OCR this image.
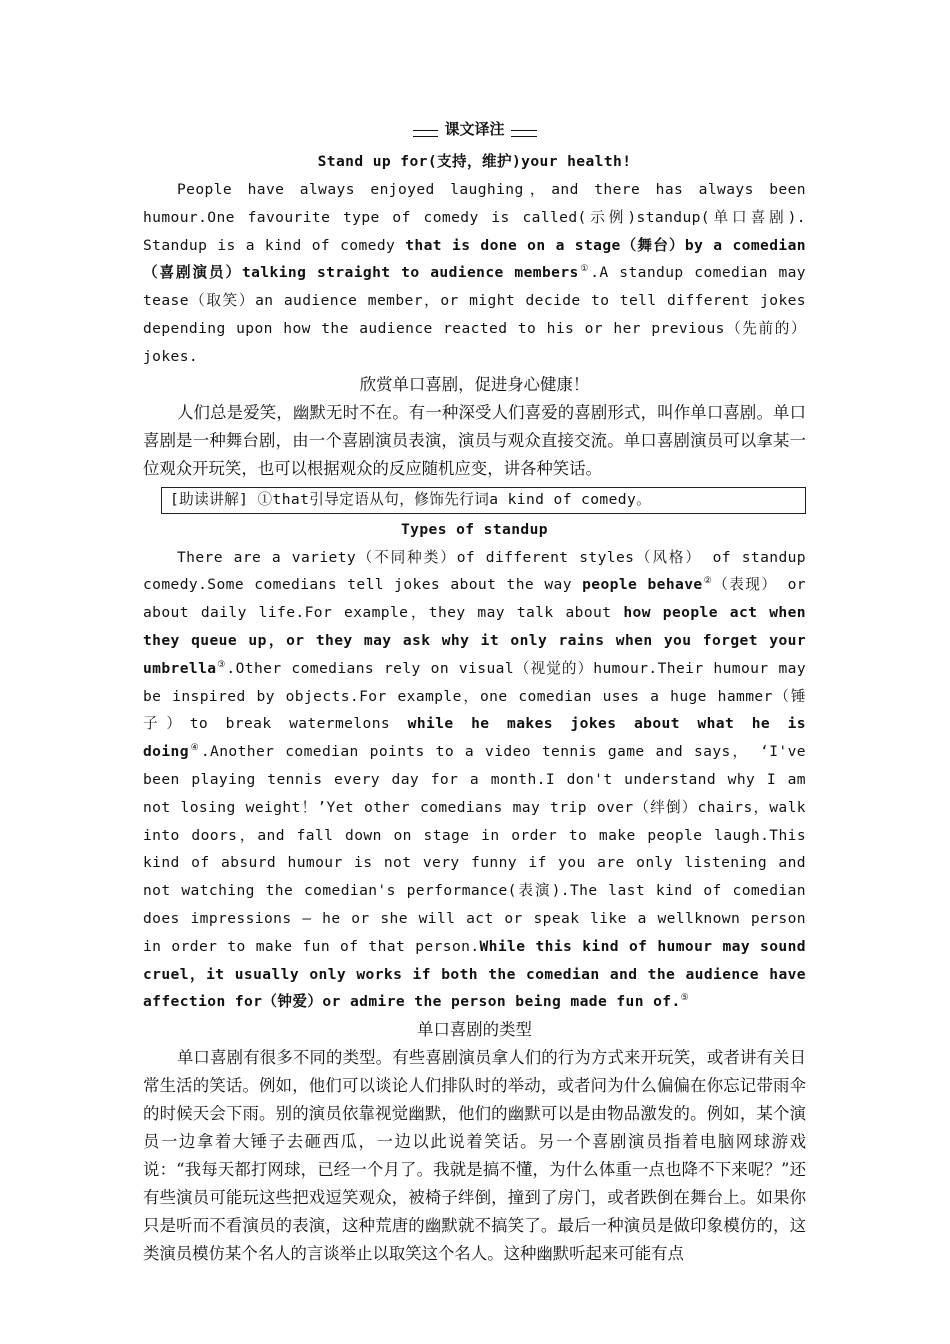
课文译注
Stand up for(支持，维护)your health!

People have always enjoyed laughing，and there has always been humour.One favourite type of comedy is called(示例)standup(单口喜剧). Standup is a kind of comedy that is done on a stage（舞台）by a comedian（喜剧演员）talking straight to audience members①.A standup comedian may tease（取笑）an audience member，or might decide to tell different jokes depending upon how the audience reacted to his or her previous（先前的）jokes.

欣赏单口喜剧，促进身心健康！

人们总是爱笑，幽默无时不在。有一种深受人们喜爱的喜剧形式，叫作单口喜剧。单口喜剧是一种舞台剧，由一个喜剧演员表演，演员与观众直接交流。单口喜剧演员可以拿某一位观众开玩笑，也可以根据观众的反应随机应变，讲各种笑话。

[助读讲解] ①that引导定语从句，修饰先行词a kind of comedy。
Types of standup

There are a variety（不同种类）of different styles（风格） of standup comedy.Some comedians tell jokes about the way people behave②（表现） or about daily life.For example，they may talk about how people act when they queue up，or they may ask why it only rains when you forget your umbrella③.Other comedians rely on visual（视觉的）humour.Their humour may be inspired by objects.For example，one comedian uses a huge hammer（锤子）to break watermelons while he makes jokes about what he is doing④.Another comedian points to a video tennis game and says， ‘I've been playing tennis every day for a month.I don't understand why I am not losing weight！’Yet other comedians may trip over（绊倒）chairs，walk into doors，and fall down on stage in order to make people laugh.This kind of absurd humour is not very funny if you are only listening and not watching the comedian's performance(表演).The last kind of comedian does impressions — he or she will act or speak like a wellknown person in order to make fun of that person.While this kind of humour may sound cruel，it usually only works if both the comedian and the audience have affection for（钟爱）or admire the person being made fun of.⑤

单口喜剧的类型

单口喜剧有很多不同的类型。有些喜剧演员拿人们的行为方式来开玩笑，或者讲有关日常生活的笑话。例如，他们可以谈论人们排队时的举动，或者问为什么偏偏在你忘记带雨伞的时候天会下雨。别的演员依靠视觉幽默，他们的幽默可以是由物品激发的。例如，某个演员一边拿着大锤子去砸西瓜，一边以此说着笑话。另一个喜剧演员指着电脑网球游戏说：“我每天都打网球，已经一个月了。我就是搞不懂，为什么体重一点也降不下来呢？”还有些演员可能玩这些把戏逗笑观众，被椅子绊倒，撞到了房门，或者跌倒在舞台上。如果你只是听而不看演员的表演，这种荒唐的幽默就不搞笑了。最后一种演员是做印象模仿的，这类演员模仿某个名人的言谈举止以取笑这个名人。这种幽默听起来可能有点
